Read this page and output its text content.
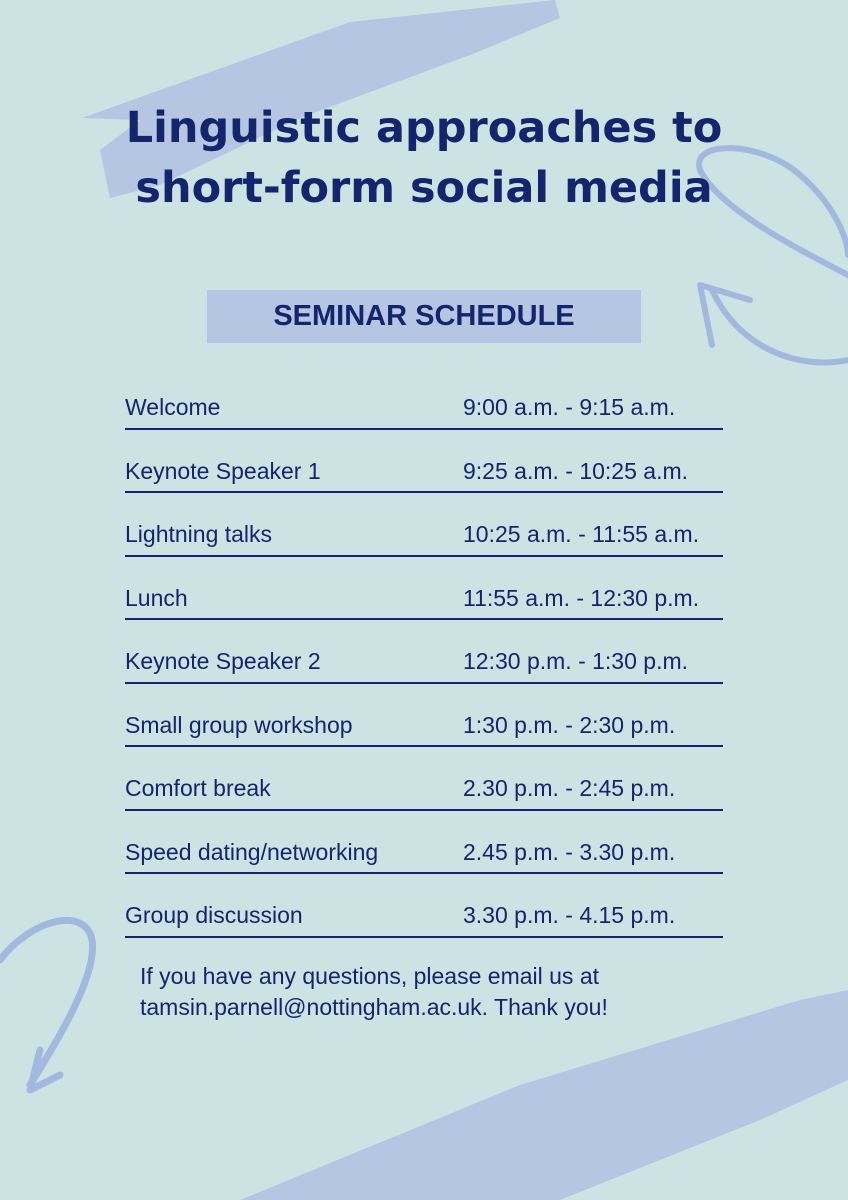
Linguistic approaches to short-form social media
SEMINAR SCHEDULE
Welcome	9:00 a.m. - 9:15 a.m.
Keynote Speaker 1	9:25 a.m. - 10:25 a.m.
Lightning talks	10:25 a.m. - 11:55 a.m.
Lunch	11:55 a.m. - 12:30 p.m.
Keynote Speaker 2	12:30 p.m. - 1:30 p.m.
Small group workshop	1:30 p.m. - 2:30 p.m.
Comfort break	2.30 p.m. - 2:45 p.m.
Speed dating/networking	2.45 p.m. - 3.30 p.m.
Group discussion	3.30 p.m. - 4.15 p.m.

If you have any questions, please email us at

tamsin.parnell@nottingham.ac.uk. Thank you!
